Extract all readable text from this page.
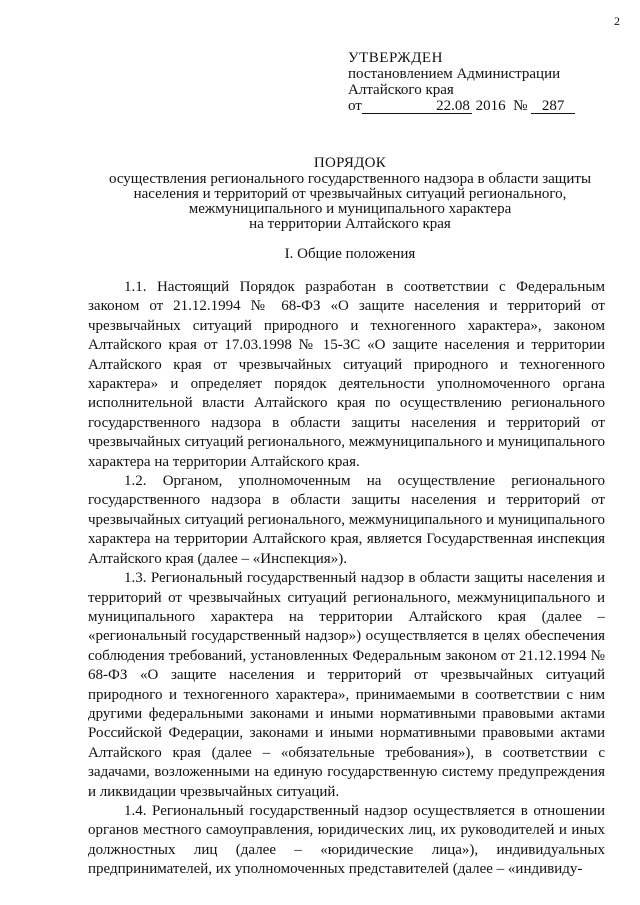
2
УТВЕРЖДЕН
постановлением Администрации
Алтайского края
от	22.08 2016 № 287
ПОРЯДОК
осуществления регионального государственного надзора в области защиты
населения и территорий от чрезвычайных ситуаций регионального,
межмуниципального и муниципального характера
на территории Алтайского края
I. Общие положения

1.1. Настоящий Порядок разработан в соответствии с Федеральным законом от 21.12.1994 № 68-ФЗ «О защите населения и территорий от чрезвычайных ситуаций природного и техногенного характера», законом Алтайского края от 17.03.1998 № 15-ЗС «О защите населения и территории Алтайского края от чрезвычайных ситуаций природного и техногенного характера» и определяет порядок деятельности уполномоченного органа исполнительной власти Алтайского края по осуществлению регионального государственного надзора в области защиты населения и территорий от чрезвычайных ситуаций регионального, межмуниципального и муниципального характера на территории Алтайского края.

1.2. Органом, уполномоченным на осуществление регионального государственного надзора в области защиты населения и территорий от чрезвычайных ситуаций регионального, межмуниципального и муниципального характера на территории Алтайского края, является Государственная инспекция Алтайского края (далее – «Инспекция»).

1.3. Региональный государственный надзор в области защиты населения и территорий от чрезвычайных ситуаций регионального, межмуниципального и муниципального характера на территории Алтайского края (далее – «региональный государственный надзор») осуществляется в целях обеспечения соблюдения требований, установленных Федеральным законом от 21.12.1994 № 68-ФЗ «О защите населения и территорий от чрезвычайных ситуаций природного и техногенного характера», принимаемыми в соответствии с ним другими федеральными законами и иными нормативными правовыми актами Российской Федерации, законами и иными нормативными правовыми актами Алтайского края (далее – «обязательные требования»), в соответствии с задачами, возложенными на единую государственную систему предупреждения и ликвидации чрезвычайных ситуаций.

1.4. Региональный государственный надзор осуществляется в отношении органов местного самоуправления, юридических лиц, их руководителей и иных должностных лиц (далее – «юридические лица»), индивидуальных предпринимателей, их уполномоченных представителей (далее – «индивиду-
